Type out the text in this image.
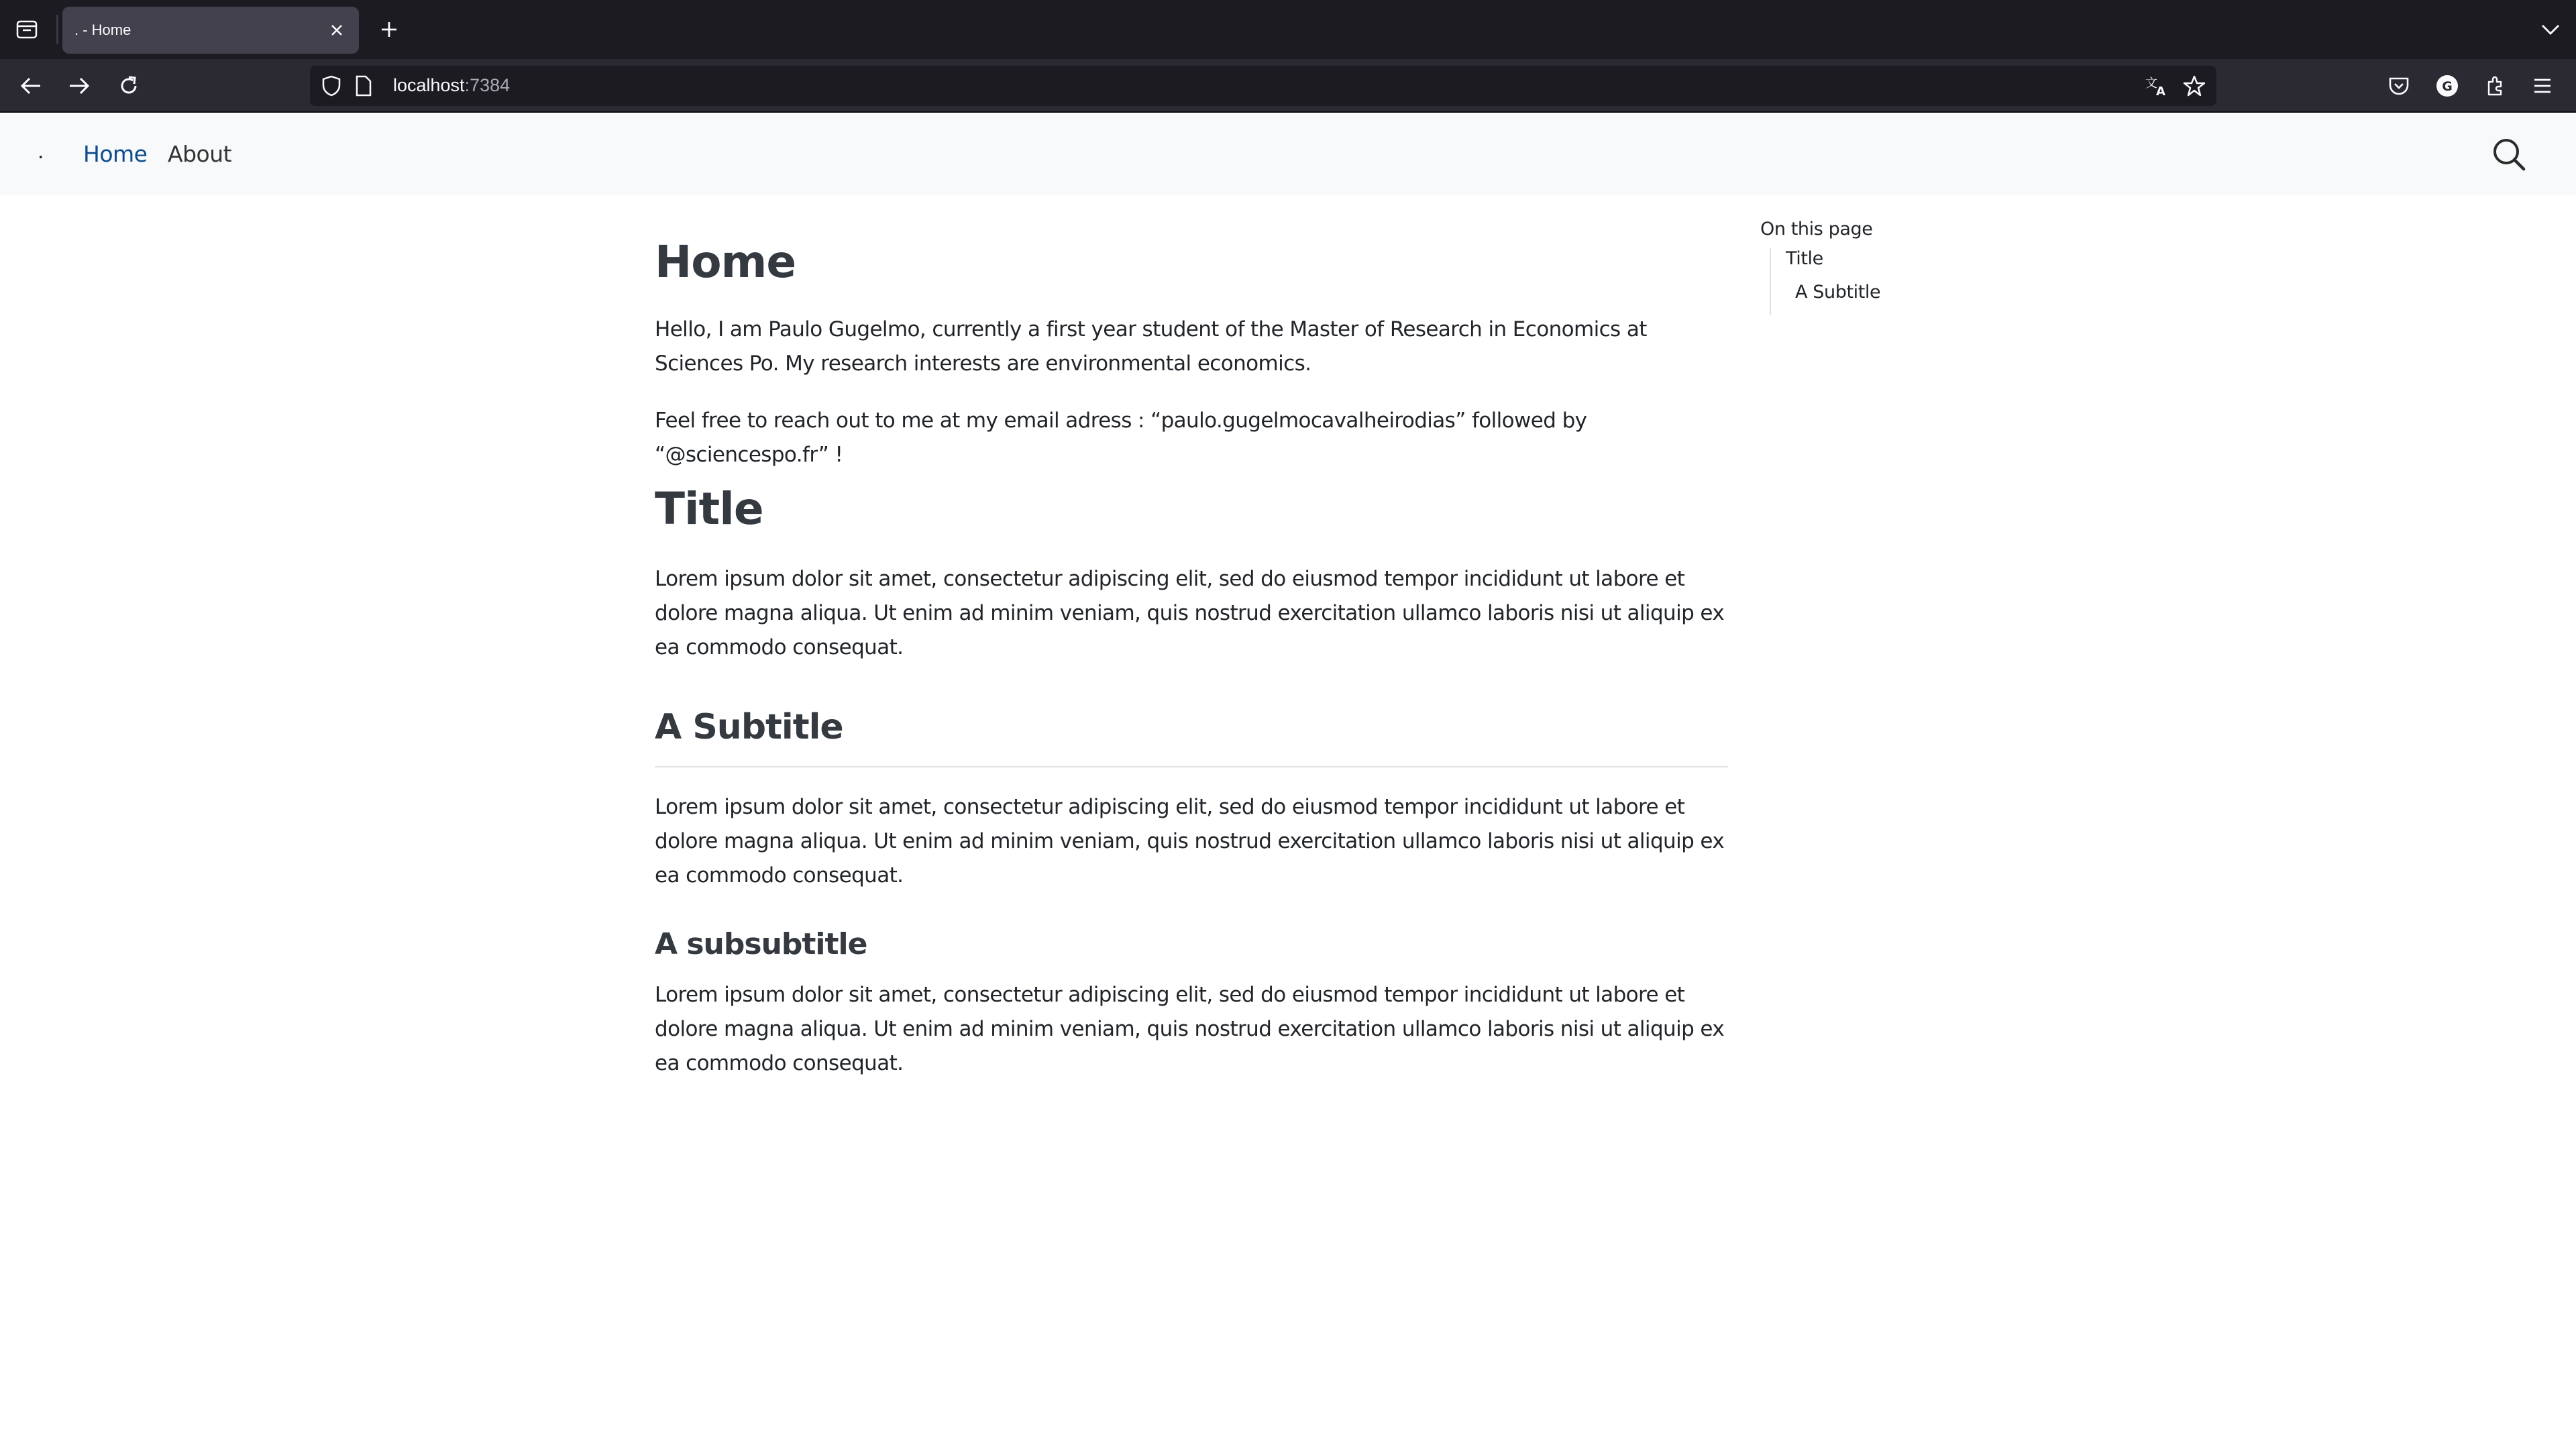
. - Home
localhost:7384	文
A	G
. Home About
Home

Hello, I am Paulo Gugelmo, currently a first year student of the Master of Research in Economics at Sciences Po. My research interests are environmental economics.

Feel free to reach out to me at my email adress : “paulo.gugelmocavalheirodias” followed by “@sciencespo.fr” !

Title

Lorem ipsum dolor sit amet, consectetur adipiscing elit, sed do eiusmod tempor incididunt ut labore et dolore magna aliqua. Ut enim ad minim veniam, quis nostrud exercitation ullamco laboris nisi ut aliquip ex ea commodo consequat.

A Subtitle

Lorem ipsum dolor sit amet, consectetur adipiscing elit, sed do eiusmod tempor incididunt ut labore et dolore magna aliqua. Ut enim ad minim veniam, quis nostrud exercitation ullamco laboris nisi ut aliquip ex ea commodo consequat.

A subsubtitle

Lorem ipsum dolor sit amet, consectetur adipiscing elit, sed do eiusmod tempor incididunt ut labore et dolore magna aliqua. Ut enim ad minim veniam, quis nostrud exercitation ullamco laboris nisi ut aliquip ex ea commodo consequat.

On this page
Title
A Subtitle
